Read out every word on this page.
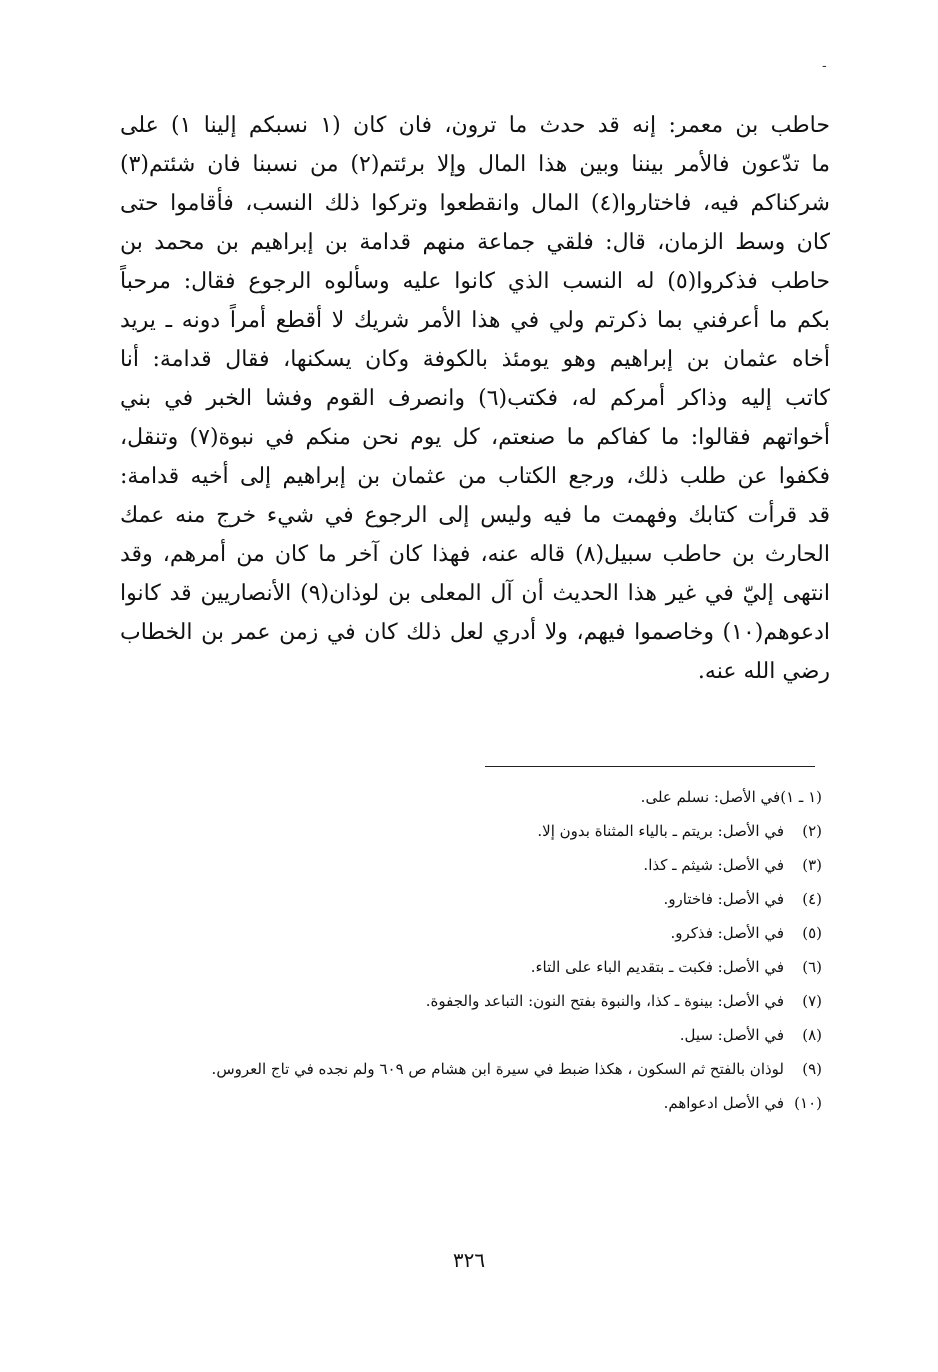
-
حاطب بن معمر: إنه قد حدث ما ترون، فان كان (١ نسبكم إلينا ١) على
ما تدّعون فالأمر بيننا وبين هذا المال وإلا برئتم(٢) من نسبنا فان شئتم(٣)
شركناكم فيه، فاختاروا(٤) المال وانقطعوا وتركوا ذلك النسب، فأقاموا حتى
كان وسط الزمان، قال: فلقي جماعة منهم قدامة بن إبراهيم بن محمد بن
حاطب فذكروا(٥) له النسب الذي كانوا عليه وسألوه الرجوع فقال: مرحباً
بكم ما أعرفني بما ذكرتم ولي في هذا الأمر شريك لا أقطع أمراً دونه ـ يريد
أخاه عثمان بن إبراهيم وهو يومئذ بالكوفة وكان يسكنها، فقال قدامة: أنا
كاتب إليه وذاكر أمركم له، فكتب(٦) وانصرف القوم وفشا الخبر في بني
أخواتهم فقالوا: ما كفاكم ما صنعتم، كل يوم نحن منكم في نبوة(٧) وتنقل،
فكفوا عن طلب ذلك، ورجع الكتاب من عثمان بن إبراهيم إلى أخيه قدامة:
قد قرأت كتابك وفهمت ما فيه وليس إلى الرجوع في شيء خرج منه عمك
الحارث بن حاطب سبيل(٨) قاله عنه، فهذا كان آخر ما كان من أمرهم، وقد
انتهى إليّ في غير هذا الحديث أن آل المعلى بن لوذان(٩) الأنصاريين قد كانوا
ادعوهم(١٠) وخاصموا فيهم، ولا أدري لعل ذلك كان في زمن عمر بن الخطاب
رضي الله عنه.
(١ ـ ١)
في الأصل: نسلم على.
(٢)
في الأصل: بريتم ـ بالياء المثناة بدون إلا.
(٣)
في الأصل: شيثم ـ كذا.
(٤)
في الأصل: فاختارو.
(٥)
في الأصل: فذكرو.
(٦)
في الأصل: فكبت ـ بتقديم الباء على التاء.
(٧)
في الأصل: بينوة ـ كذا، والنبوة بفتح النون: التباعد والجفوة.
(٨)
في الأصل: سيل.
(٩)
لوذان بالفتح ثم السكون ، هكذا ضبط في سيرة ابن هشام ص ٦٠٩ ولم نجده في تاج العروس.
(١٠)
في الأصل ادعواهم.
٣٢٦
